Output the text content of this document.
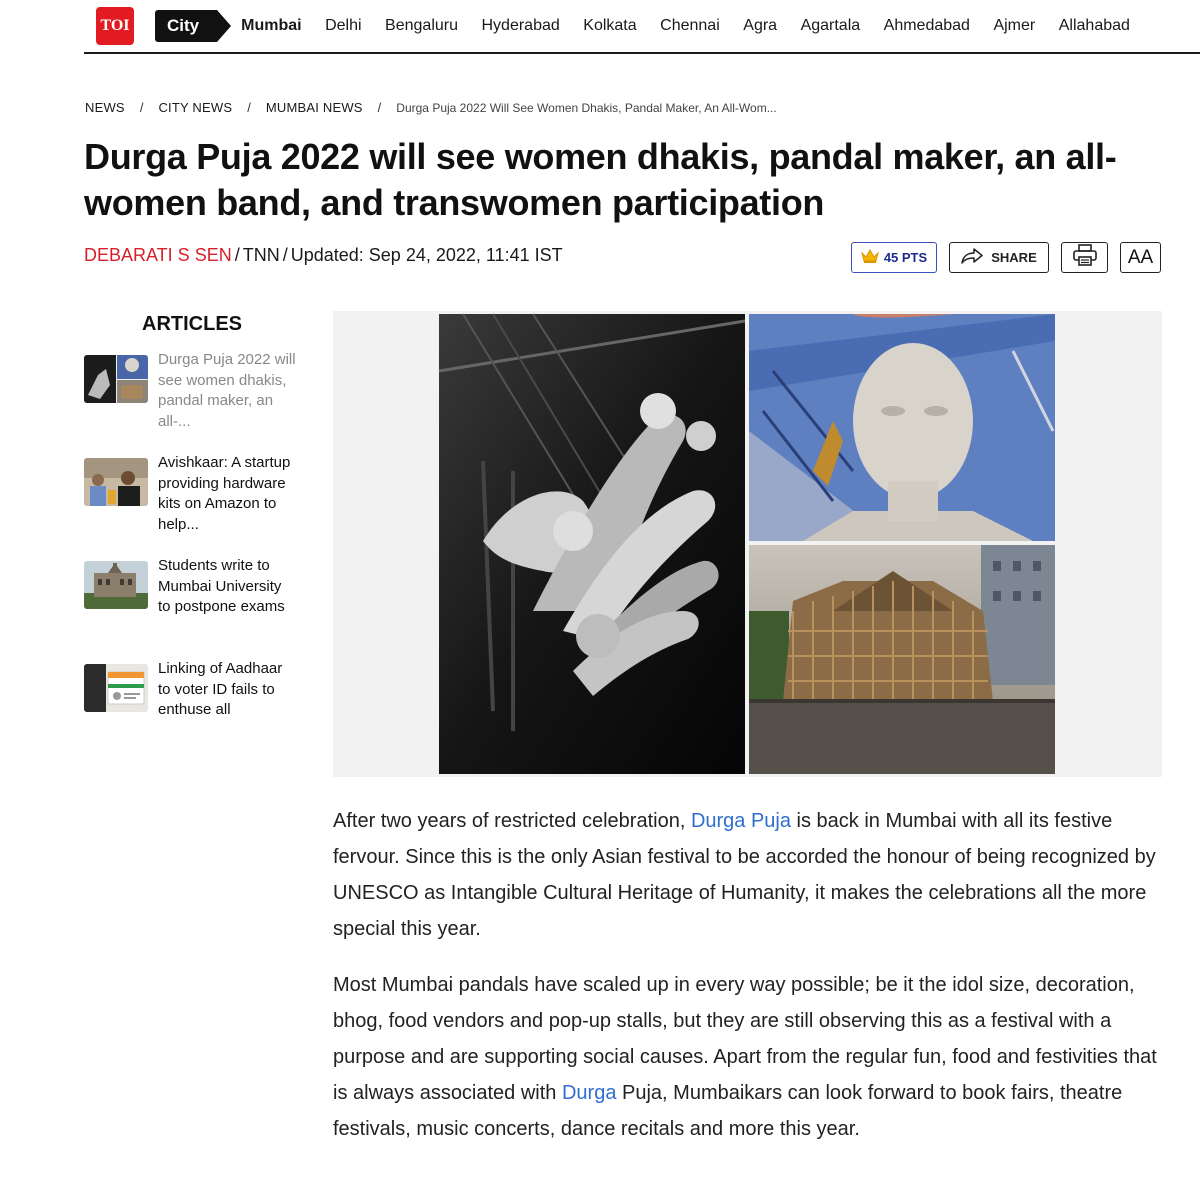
TOI	City	Mumbai Delhi Bengaluru Hyderabad Kolkata Chennai Agra Agartala Ahmedabad Ajmer Allahabad
NEWS / CITY NEWS / MUMBAI NEWS / Durga Puja 2022 Will See Women Dhakis, Pandal Maker, An All-Wom...
Durga Puja 2022 will see women dhakis, pandal maker, an all-women band, and transwomen participation
DEBARATI S SEN / TNN / Updated: Sep 24, 2022, 11:41 IST	45 PTS	SHARE	AA
ARTICLES
Durga Puja 2022 will see women dhakis, pandal maker, an all-...
Avishkaar: A startup providing hardware kits on Amazon to help...
Students write to Mumbai University to postpone exams
Linking of Aadhaar to voter ID fails to enthuse all

After two years of restricted celebration, Durga Puja is back in Mumbai with all its festive fervour. Since this is the only Asian festival to be accorded the honour of being recognized by UNESCO as Intangible Cultural Heritage of Humanity, it makes the celebrations all the more special this year.

Most Mumbai pandals have scaled up in every way possible; be it the idol size, decoration, bhog, food vendors and pop-up stalls, but they are still observing this as a festival with a purpose and are supporting social causes. Apart from the regular fun, food and festivities that is always associated with Durga Puja, Mumbaikars can look forward to book fairs, theatre festivals, music concerts, dance recitals and more this year.
